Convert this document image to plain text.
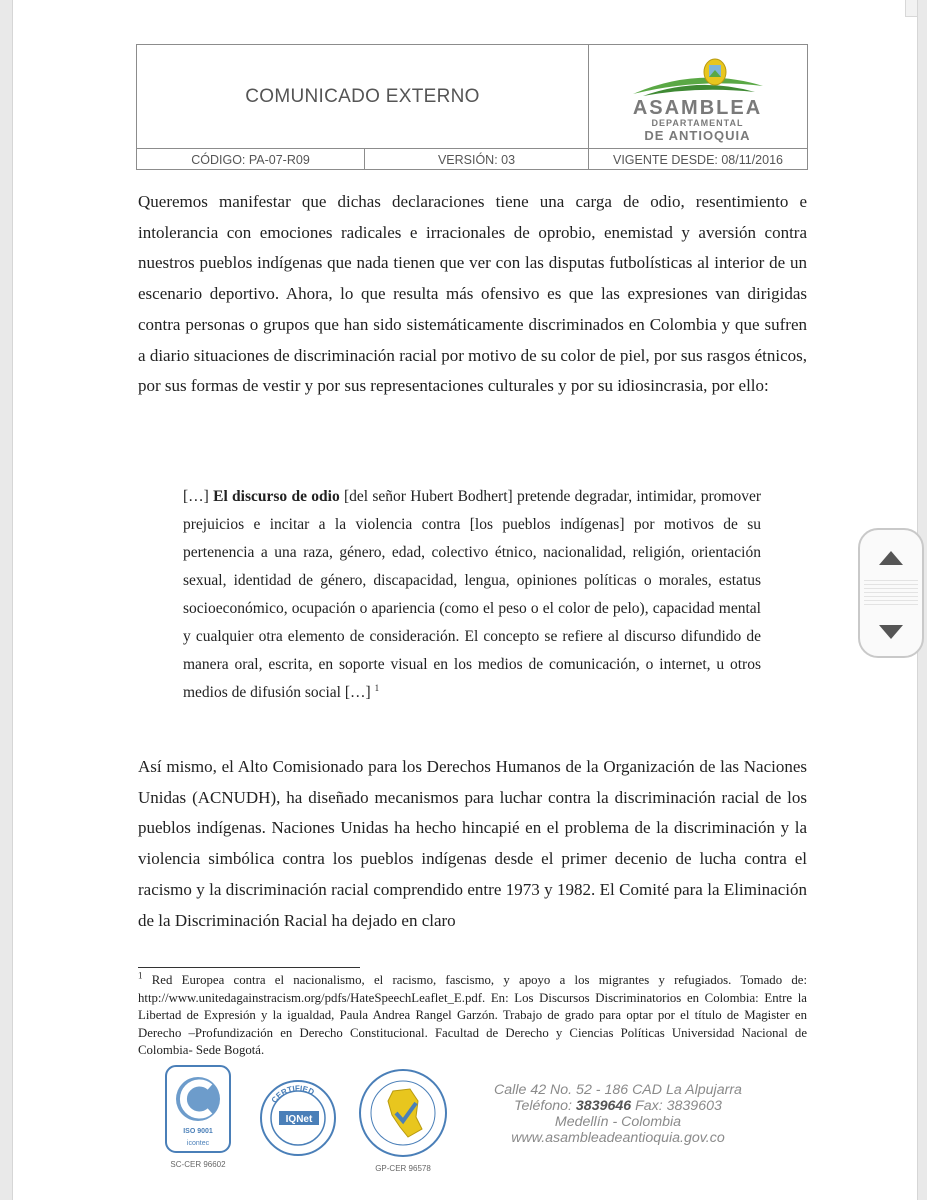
COMUNICADO EXTERNO
ASAMBLEA
DEPARTAMENTAL
DE ANTIOQUIA
CÓDIGO: PA-07-R09	VERSIÓN: 03	VIGENTE DESDE: 08/11/2016

Queremos manifestar que dichas declaraciones tiene una carga de odio, resentimiento e intolerancia con emociones radicales e irracionales de oprobio, enemistad y aversión contra nuestros pueblos indígenas que nada tienen que ver con las disputas futbolísticas al interior de un escenario deportivo. Ahora, lo que resulta más ofensivo es que las expresiones van dirigidas contra personas o grupos que han sido sistemáticamente discriminados en Colombia y que sufren a diario situaciones de discriminación racial por motivo de su color de piel, por sus rasgos étnicos, por sus formas de vestir y por sus representaciones culturales y por su idiosincrasia, por ello:

[…] El discurso de odio [del señor Hubert Bodhert] pretende degradar, intimidar, promover prejuicios e incitar a la violencia contra [los pueblos indígenas] por motivos de su pertenencia a una raza, género, edad, colectivo étnico, nacionalidad, religión, orientación sexual, identidad de género, discapacidad, lengua, opiniones políticas o morales, estatus socioeconómico, ocupación o apariencia (como el peso o el color de pelo), capacidad mental y cualquier otra elemento de consideración. El concepto se refiere al discurso difundido de manera oral, escrita, en soporte visual en los medios de comunicación, o internet, u otros medios de difusión social […] $^1$

Así mismo, el Alto Comisionado para los Derechos Humanos de la Organización de las Naciones Unidas (ACNUDH), ha diseñado mecanismos para luchar contra la discriminación racial de los pueblos indígenas. Naciones Unidas ha hecho hincapié en el problema de la discriminación y la violencia simbólica contra los pueblos indígenas desde el primer decenio de lucha contra el racismo y la discriminación racial comprendido entre 1973 y 1982. El Comité para la Eliminación de la Discriminación Racial ha dejado en claro

$^1$ Red Europea contra el nacionalismo, el racismo, fascismo, y apoyo a los migrantes y refugiados. Tomado de: http://www.unitedagainstracism.org/pdfs/HateSpeechLeaflet_E.pdf. En: Los Discursos Discriminatorios en Colombia: Entre la Libertad de Expresión y la igualdad, Paula Andrea Rangel Garzón. Trabajo de grado para optar por el título de Magister en Derecho –Profundización en Derecho Constitucional. Facultad de Derecho y Ciencias Políticas Universidad Nacional de Colombia- Sede Bogotá.

ISO 9001
icontec
SC-CER 96602
CERTIFIED
IQNet
GP-CER 96578
Calle 42 No. 52 - 186 CAD La Alpujarra
Teléfono: 3839646 Fax: 3839603
Medellín - Colombia
www.asambleadeantioquia.gov.co
